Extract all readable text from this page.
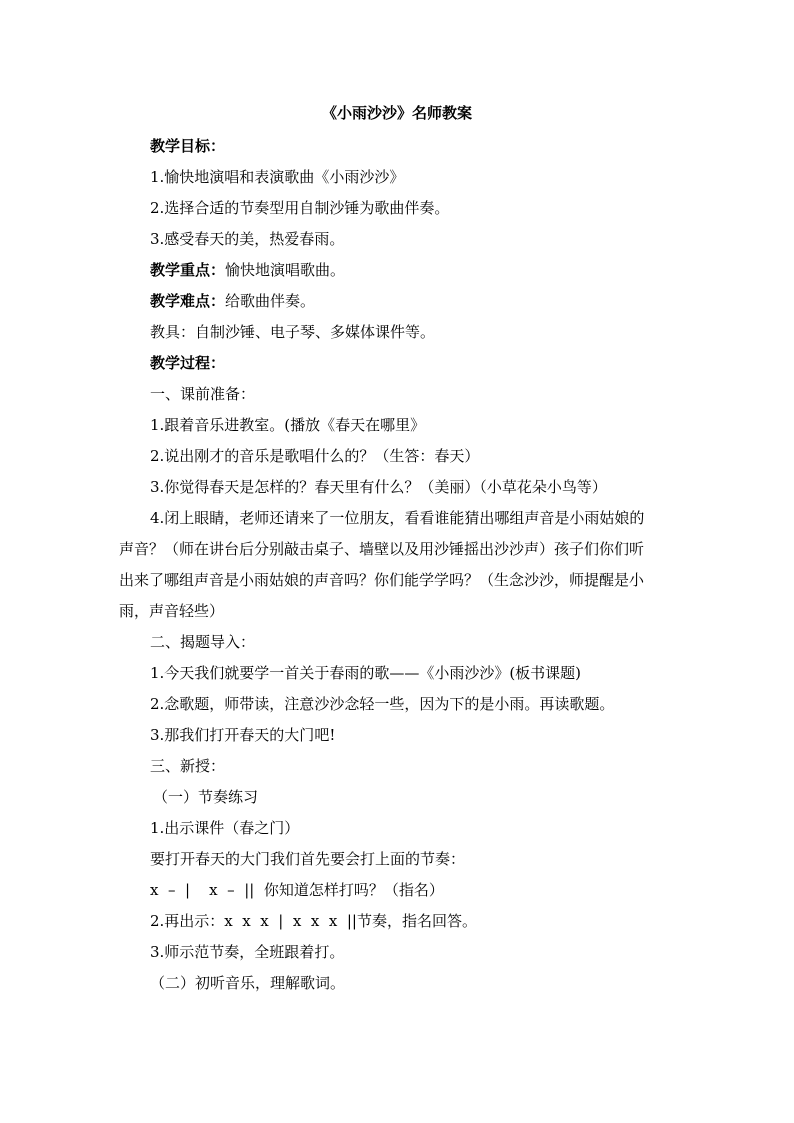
《小雨沙沙》名师教案
教学目标：
1.愉快地演唱和表演歌曲《小雨沙沙》
2.选择合适的节奏型用自制沙锤为歌曲伴奏。
3.感受春天的美，热爱春雨。
教学重点：愉快地演唱歌曲。
教学难点：给歌曲伴奏。
教具：自制沙锤、电子琴、多媒体课件等。
教学过程：
一、课前准备：
1.跟着音乐进教室。(播放《春天在哪里》
2.说出刚才的音乐是歌唱什么的？（生答：春天）
3.你觉得春天是怎样的？春天里有什么？（美丽）（小草花朵小鸟等）
4.闭上眼睛，老师还请来了一位朋友，看看谁能猜出哪组声音是小雨姑娘的
声音？（师在讲台后分别敲击桌子、墙壁以及用沙锤摇出沙沙声）孩子们你们听
出来了哪组声音是小雨姑娘的声音吗？你们能学学吗？（生念沙沙，师提醒是小
雨，声音轻些）
二、揭题导入：
1.今天我们就要学一首关于春雨的歌——《小雨沙沙》(板书课题)
2.念歌题，师带读，注意沙沙念轻一些，因为下的是小雨。再读歌题。
3.那我们打开春天的大门吧!
三、新授：
（一）节奏练习
1.出示课件（春之门）
要打开春天的大门我们首先要会打上面的节奏：
x  –  |    x  –  ||  你知道怎样打吗？（指名）
2.再出示：x  x  x  |  x  x  x  ||节奏，指名回答。
3.师示范节奏，全班跟着打。
（二）初听音乐，理解歌词。
